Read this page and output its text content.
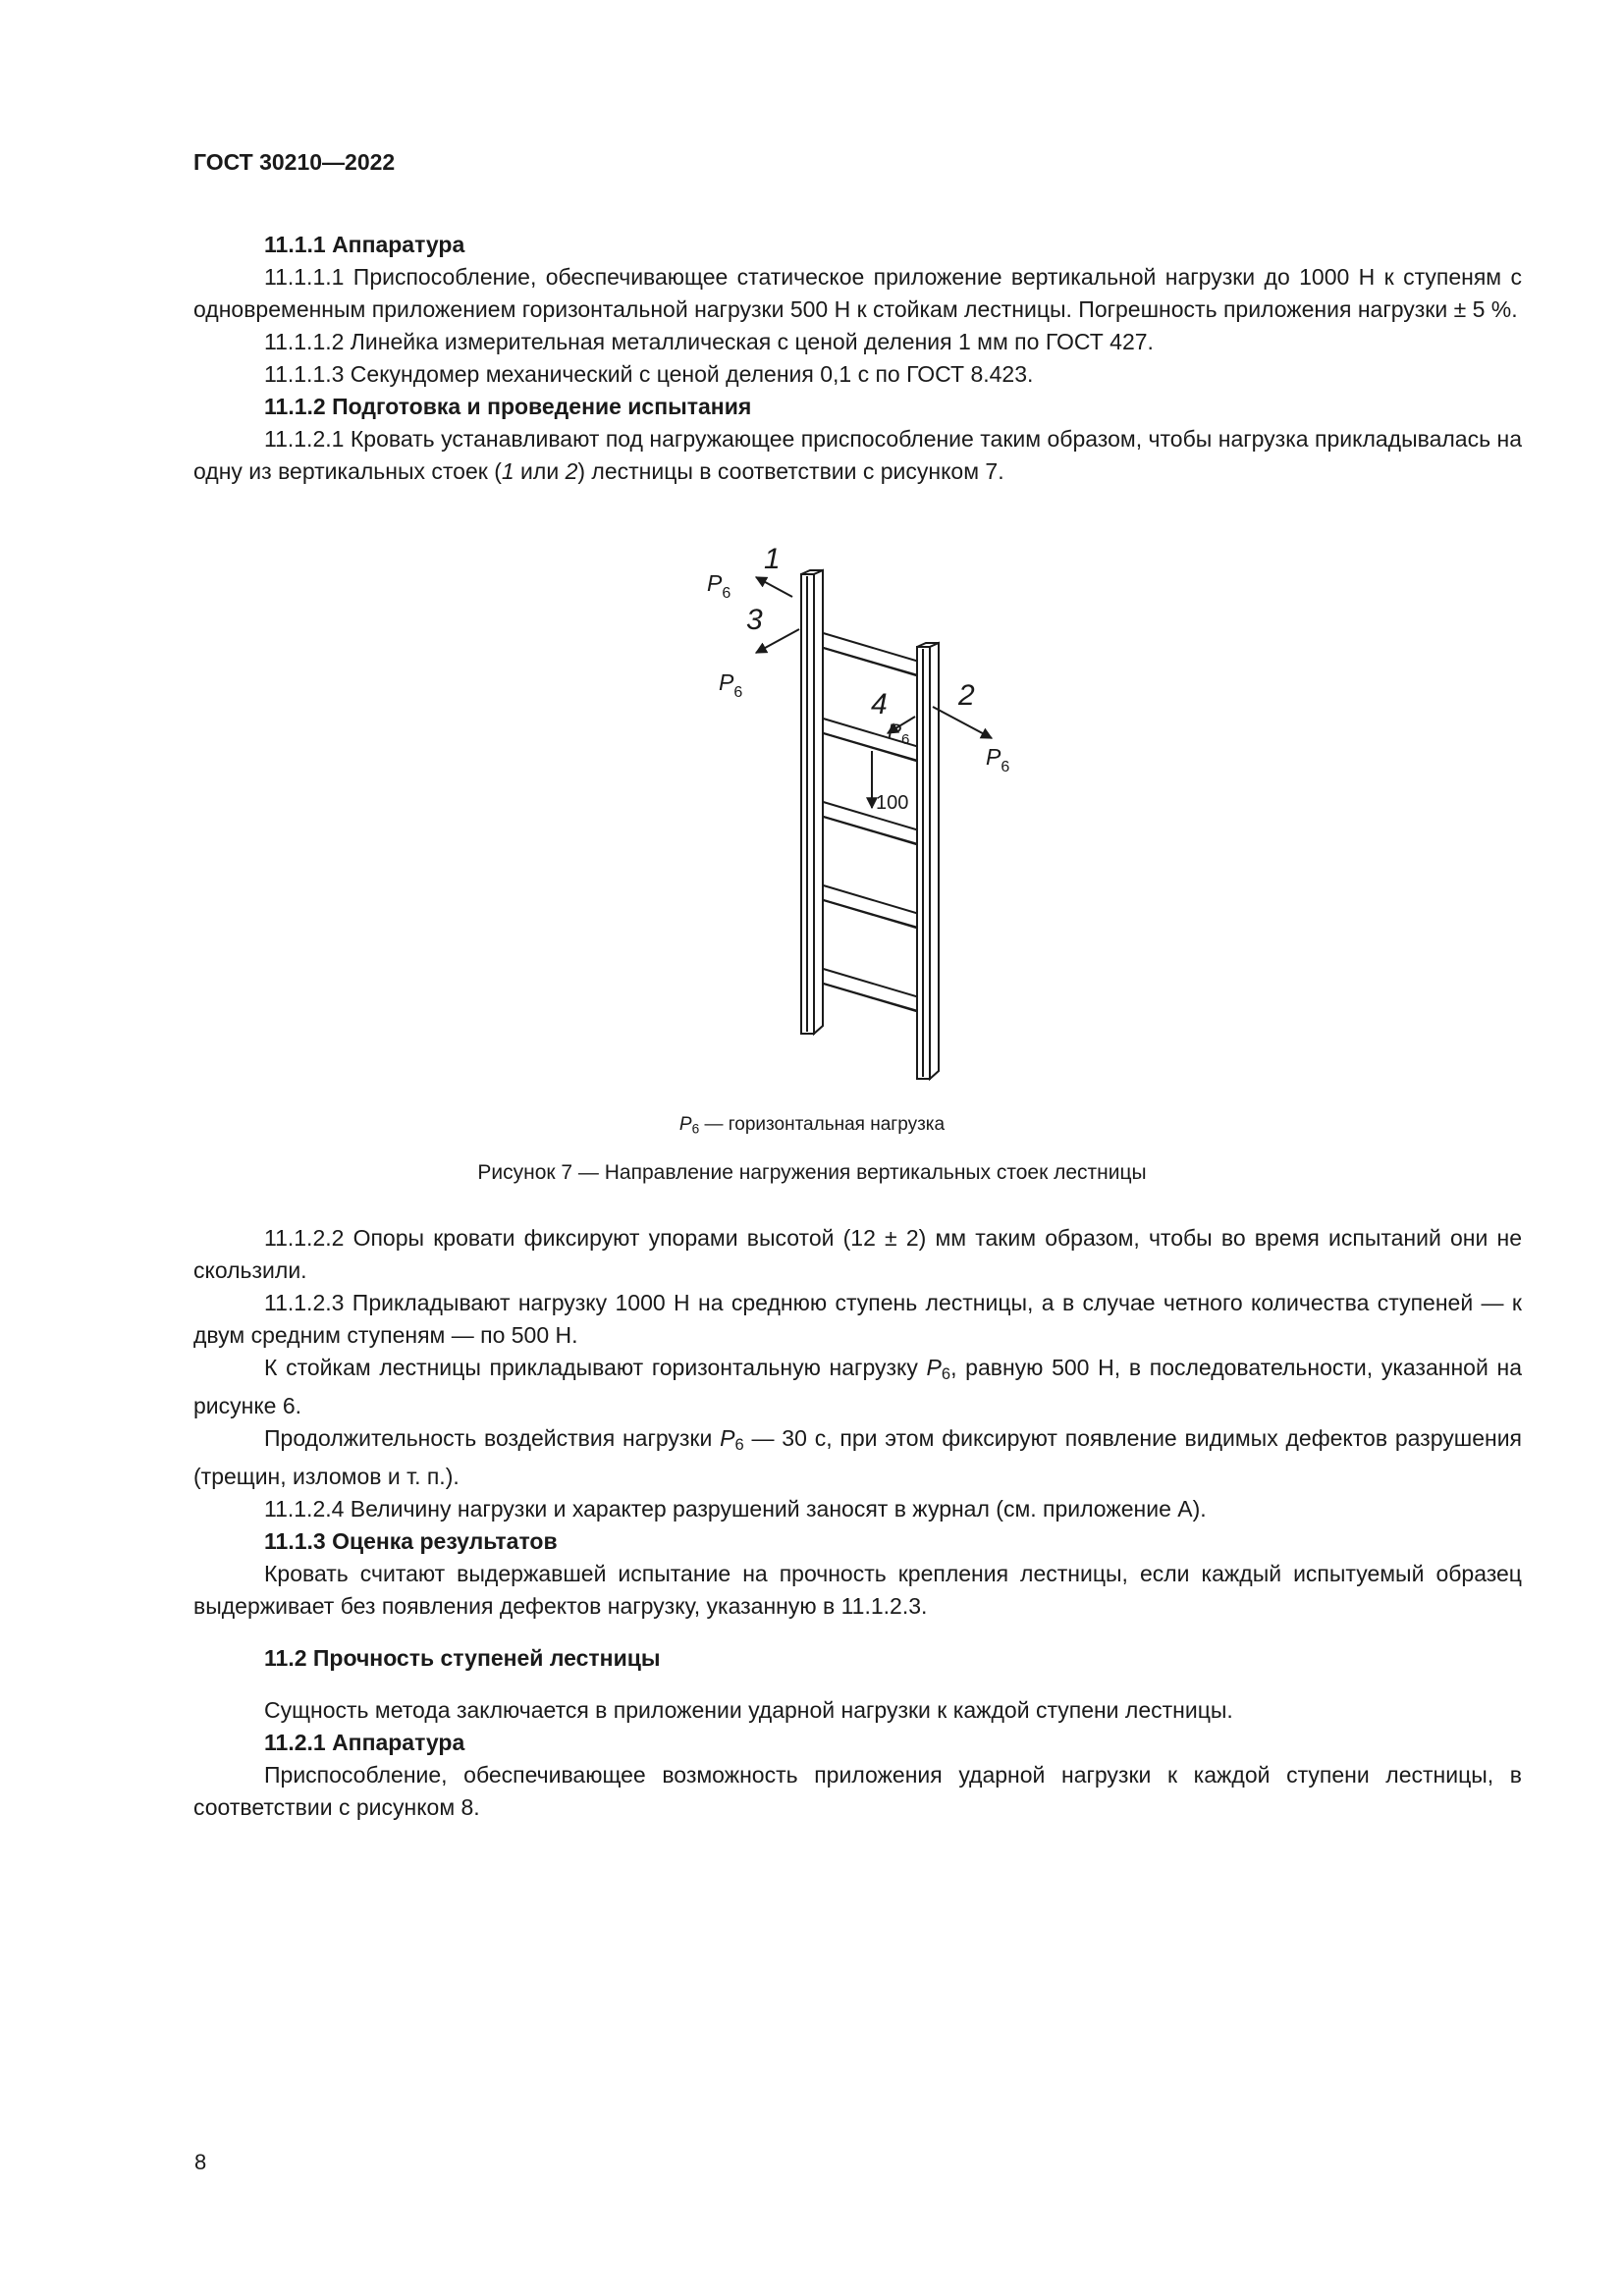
ГОСТ 30210—2022
11.1.1 Аппаратура

11.1.1.1 Приспособление, обеспечивающее статическое приложение вертикальной нагрузки до 1000 Н к ступеням с одновременным приложением горизонтальной нагрузки 500 Н к стойкам лестницы. Погрешность приложения нагрузки ± 5 %.

11.1.1.2 Линейка измерительная металлическая с ценой деления 1 мм по ГОСТ 427.

11.1.1.3 Секундомер механический с ценой деления 0,1 с по ГОСТ 8.423.

11.1.2 Подготовка и проведение испытания

11.1.2.1 Кровать устанавливают под нагружающее приспособление таким образом, чтобы нагрузка прикладывалась на одну из вертикальных стоек (1 или 2) лестницы в соответствии с рисунком 7.

1
$P_6$
3
$P_6$	4
$P_6$
2
$P_6$
100
$P_6$ — горизонтальная нагрузка
Рисунок 7 — Направление нагружения вертикальных стоек лестницы

11.1.2.2 Опоры кровати фиксируют упорами высотой (12 ± 2) мм таким образом, чтобы во время испытаний они не скользили.

11.1.2.3 Прикладывают нагрузку 1000 Н на среднюю ступень лестницы, а в случае четного количества ступеней — к двум средним ступеням — по 500 Н.

К стойкам лестницы прикладывают горизонтальную нагрузку $P_6$, равную 500 Н, в последовательности, указанной на рисунке 6.

Продолжительность воздействия нагрузки $P_6$ — 30 с, при этом фиксируют появление видимых дефектов разрушения (трещин, изломов и т. п.).

11.1.2.4 Величину нагрузки и характер разрушений заносят в журнал (см. приложение А).

11.1.3 Оценка результатов

Кровать считают выдержавшей испытание на прочность крепления лестницы, если каждый испытуемый образец выдерживает без появления дефектов нагрузку, указанную в 11.1.2.3.

11.2 Прочность ступеней лестницы

Сущность метода заключается в приложении ударной нагрузки к каждой ступени лестницы.

11.2.1 Аппаратура

Приспособление, обеспечивающее возможность приложения ударной нагрузки к каждой ступени лестницы, в соответствии с рисунком 8.

8
